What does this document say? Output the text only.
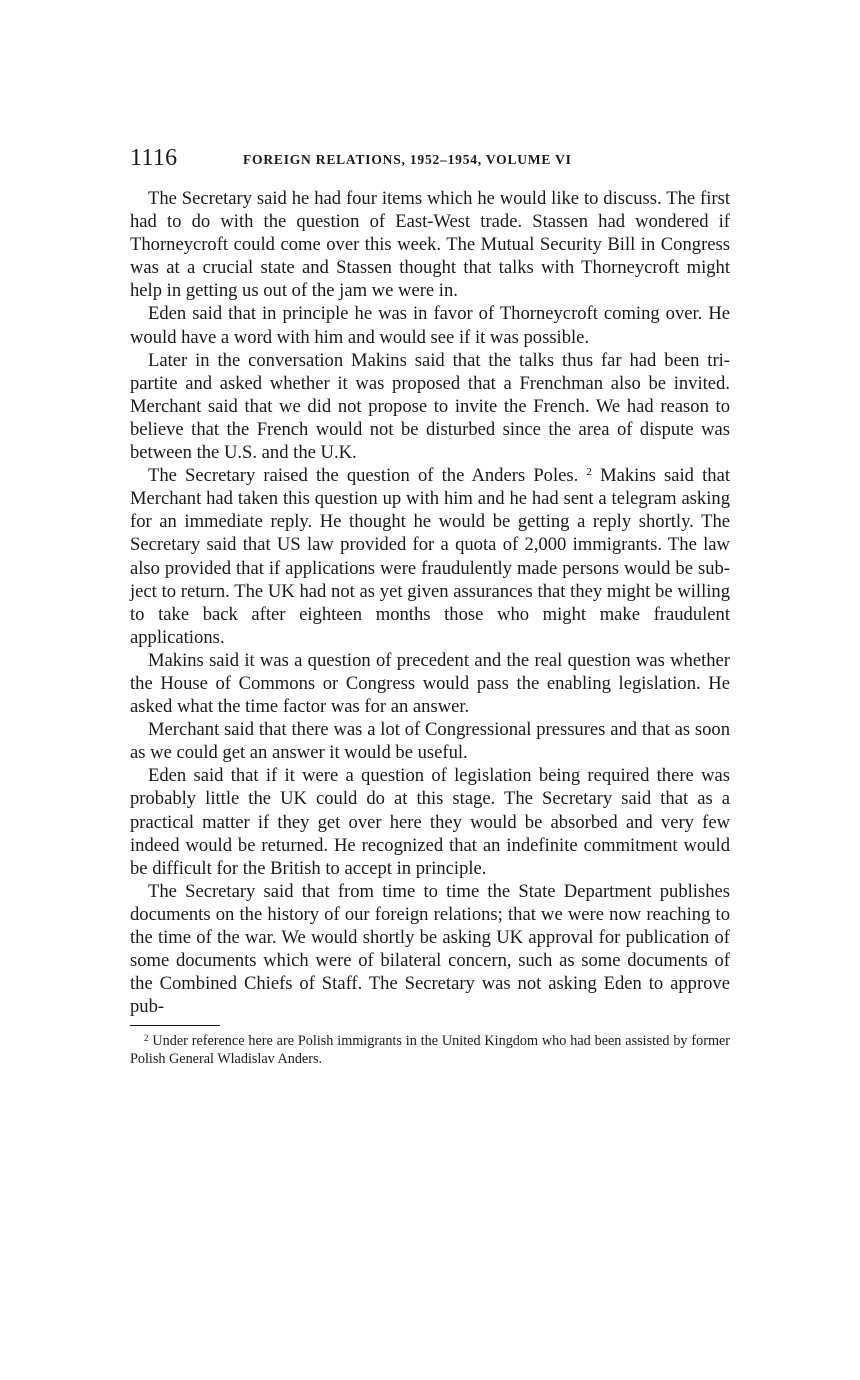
1116	FOREIGN RELATIONS, 1952–1954, VOLUME VI

The Secretary said he had four items which he would like to discuss. The first had to do with the question of East-West trade. Stassen had wondered if Thorneycroft could come over this week. The Mutual Security Bill in Congress was at a crucial state and Stassen thought that talks with Thorneycroft might help in getting us out of the jam we were in.

Eden said that in principle he was in favor of Thorneycroft coming over. He would have a word with him and would see if it was possible.

Later in the conversation Makins said that the talks thus far had been tri-partite and asked whether it was proposed that a Frenchman also be invited. Merchant said that we did not propose to invite the French. We had reason to believe that the French would not be disturbed since the area of dispute was between the U.S. and the U.K.

The Secretary raised the question of the Anders Poles. $^2$ Makins said that Merchant had taken this question up with him and he had sent a telegram asking for an immediate reply. He thought he would be getting a reply shortly. The Secretary said that US law provided for a quota of 2,000 immigrants. The law also provided that if applications were fraudulently made persons would be subject to return. The UK had not as yet given assurances that they might be willing to take back after eighteen months those who might make fraudulent applications.

Makins said it was a question of precedent and the real question was whether the House of Commons or Congress would pass the enabling legislation. He asked what the time factor was for an answer.

Merchant said that there was a lot of Congressional pressures and that as soon as we could get an answer it would be useful.

Eden said that if it were a question of legislation being required there was probably little the UK could do at this stage. The Secretary said that as a practical matter if they get over here they would be absorbed and very few indeed would be returned. He recognized that an indefinite commitment would be difficult for the British to accept in principle.

The Secretary said that from time to time the State Department publishes documents on the history of our foreign relations; that we were now reaching to the time of the war. We would shortly be asking UK approval for publication of some documents which were of bilateral concern, such as some documents of the Combined Chiefs of Staff. The Secretary was not asking Eden to approve pub-

$^2$ Under reference here are Polish immigrants in the United Kingdom who had been assisted by former Polish General Wladislav Anders.
